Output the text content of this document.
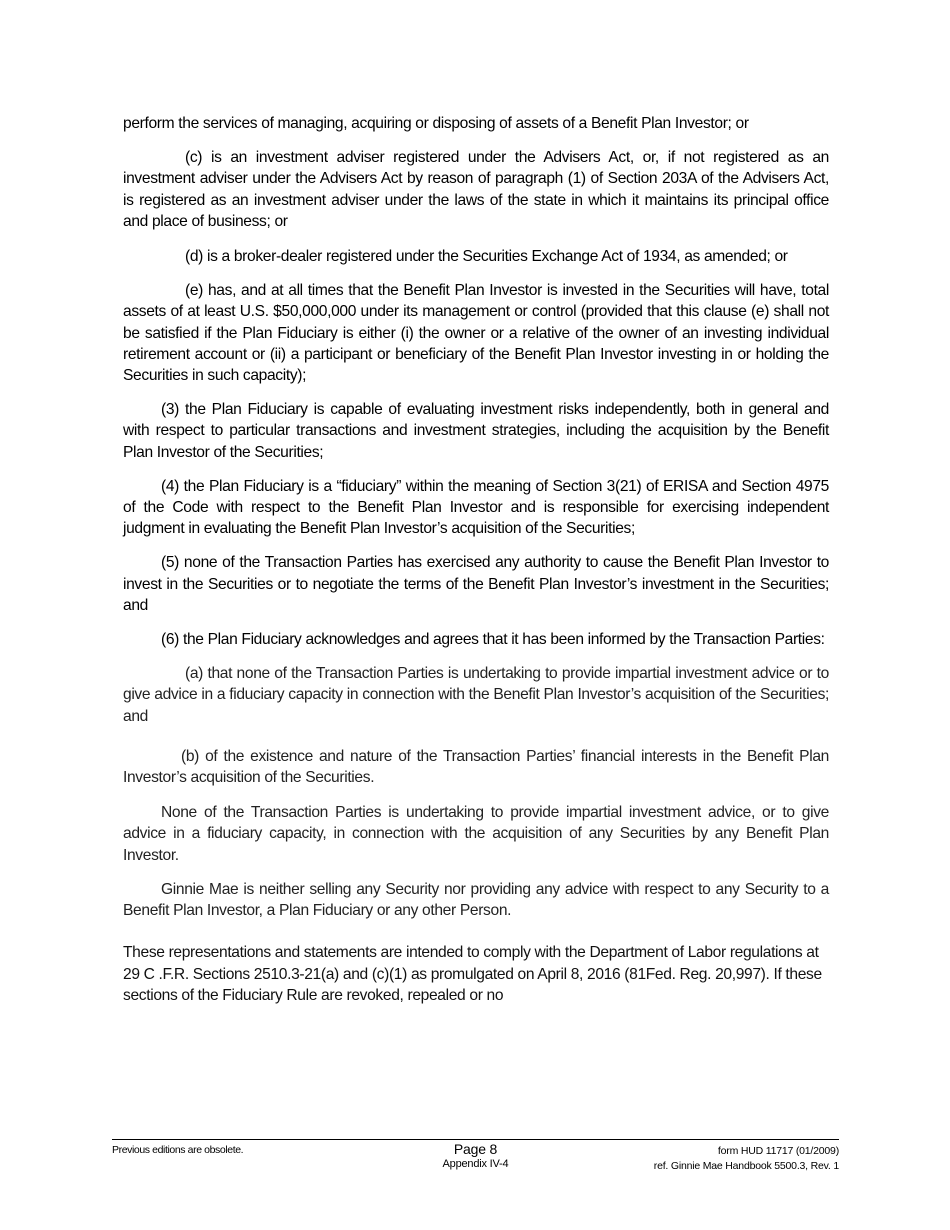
perform the services of managing, acquiring or disposing of assets of a Benefit Plan Investor; or

(c) is an investment adviser registered under the Advisers Act, or, if not registered as an investment adviser under the Advisers Act by reason of paragraph (1) of Section 203A of the Advisers Act, is registered as an investment adviser under the laws of the state in which it maintains its principal office and place of business; or

(d) is a broker-dealer registered under the Securities Exchange Act of 1934, as amended; or

(e) has, and at all times that the Benefit Plan Investor is invested in the Securities will have, total assets of at least U.S. $50,000,000 under its management or control (provided that this clause (e) shall not be satisfied if the Plan Fiduciary is either (i) the owner or a relative of the owner of an investing individual retirement account or (ii) a participant or beneficiary of the Benefit Plan Investor investing in or holding the Securities in such capacity);

(3) the Plan Fiduciary is capable of evaluating investment risks independently, both in general and with respect to particular transactions and investment strategies, including the acquisition by the Benefit Plan Investor of the Securities;

(4) the Plan Fiduciary is a “fiduciary” within the meaning of Section 3(21) of ERISA and Section 4975 of the Code with respect to the Benefit Plan Investor and is responsible for exercising independent judgment in evaluating the Benefit Plan Investor’s acquisition of the Securities;

(5) none of the Transaction Parties has exercised any authority to cause the Benefit Plan Investor to invest in the Securities or to negotiate the terms of the Benefit Plan Investor’s investment in the Securities; and

(6) the Plan Fiduciary acknowledges and agrees that it has been informed by the Transaction Parties:

(a) that none of the Transaction Parties is undertaking to provide impartial investment advice or to give advice in a fiduciary capacity in connection with the Benefit Plan Investor’s acquisition of the Securities; and

(b) of the existence and nature of the Transaction Parties’ financial interests in the Benefit Plan Investor’s acquisition of the Securities.

None of the Transaction Parties is undertaking to provide impartial investment advice, or to give advice in a fiduciary capacity, in connection with the acquisition of any Securities by any Benefit Plan Investor.

Ginnie Mae is neither selling any Security nor providing any advice with respect to any Security to a Benefit Plan Investor, a Plan Fiduciary or any other Person.

These representations and statements are intended to comply with the Department of Labor regulations at 29 C .F.R. Sections 2510.3-21(a) and (c)(1) as promulgated on April 8, 2016 (81Fed. Reg. 20,997). If these sections of the Fiduciary Rule are revoked, repealed or no

Previous editions are obsolete.	Page 8
Appendix IV-4
form HUD 11717 (01/2009)
ref. Ginnie Mae Handbook 5500.3, Rev. 1
